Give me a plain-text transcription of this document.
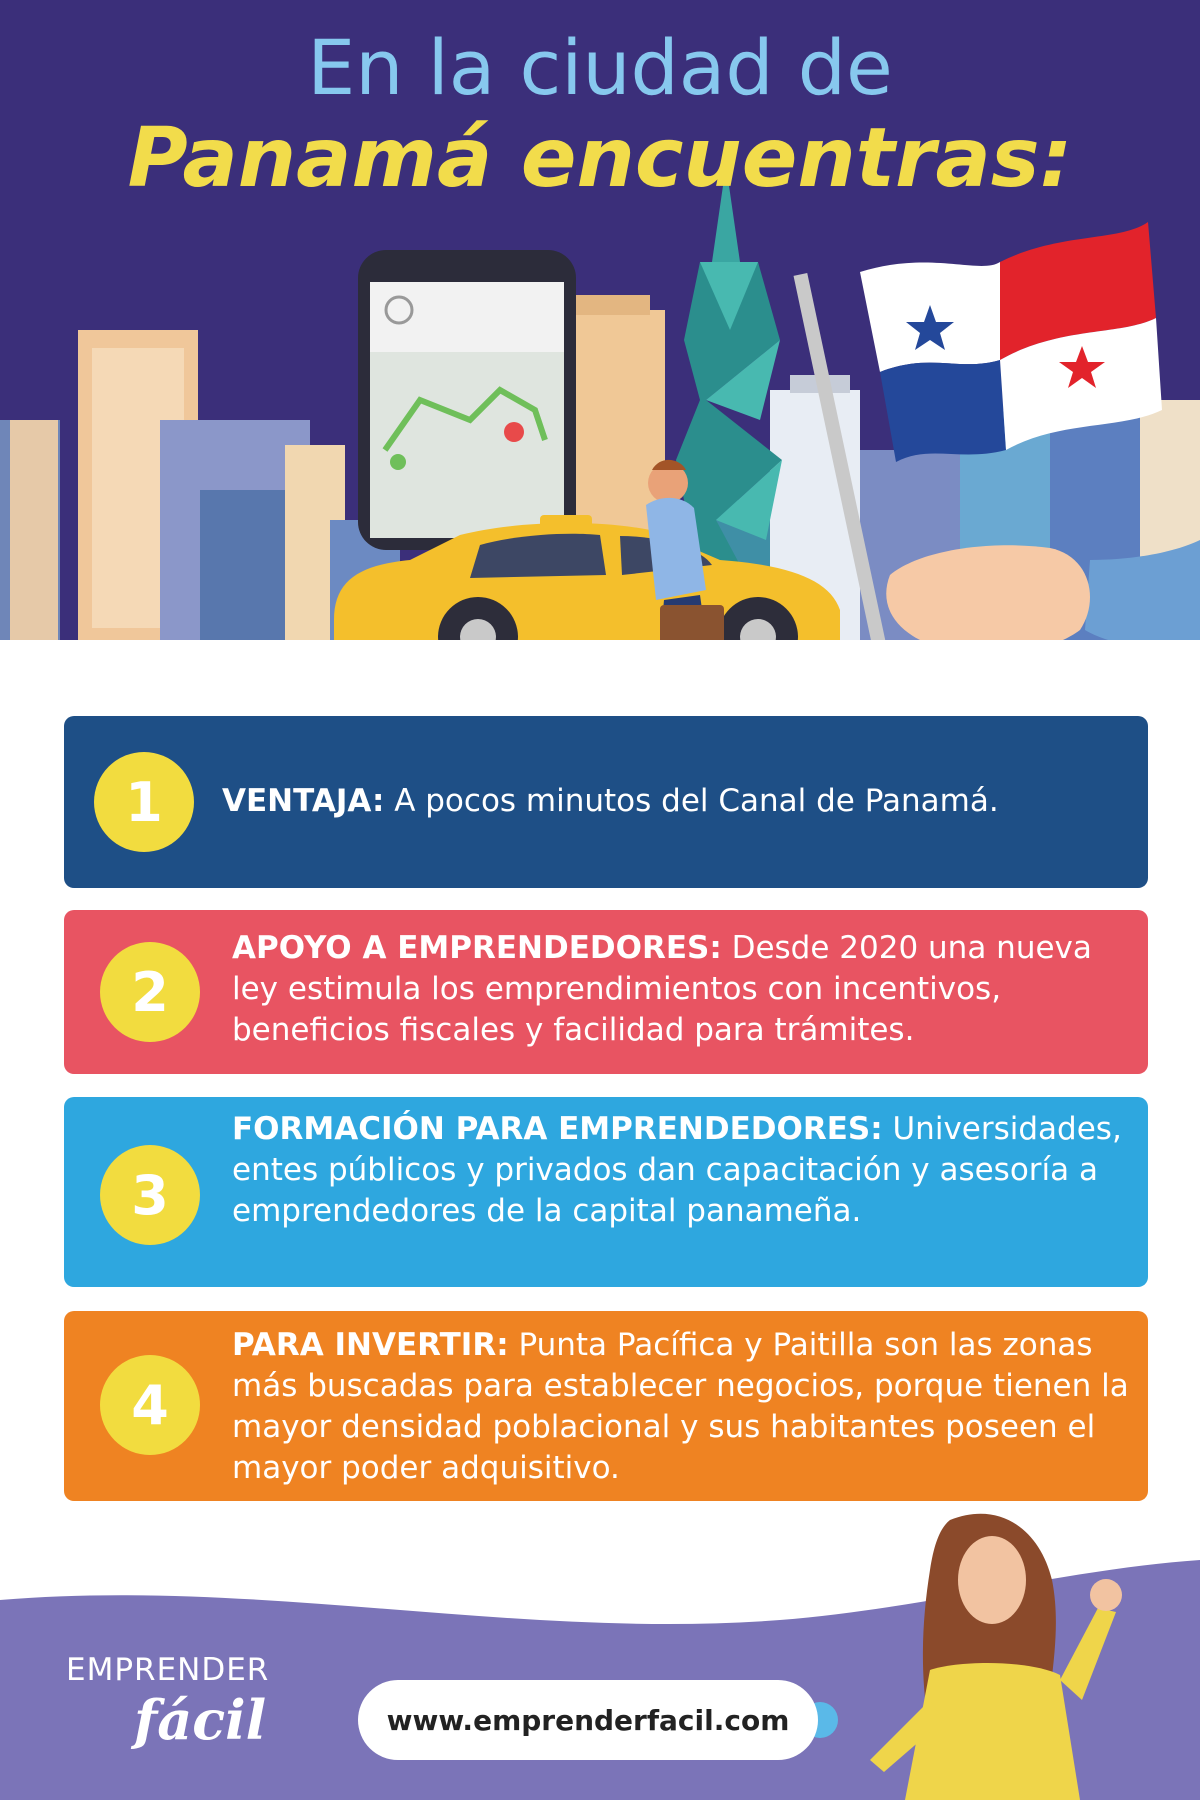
En la ciudad de
Panamá encuentras:
1	VENTAJA: A pocos minutos del Canal de Panamá.
2
APOYO A EMPRENDEDORES: Desde 2020 una nueva ley estimula los emprendimientos con incentivos, beneficios fiscales y facilidad para trámites.
3
FORMACIÓN PARA EMPRENDEDORES: Universidades, entes públicos y privados dan capacitación y asesoría a emprendedores de la capital panameña.
4
PARA INVERTIR: Punta Pacífica y Paitilla son las zonas más buscadas para establecer negocios, porque tienen la mayor densidad poblacional y sus habitantes poseen el mayor poder adquisitivo.
EMPRENDER
fácil	www.emprenderfacil.com
